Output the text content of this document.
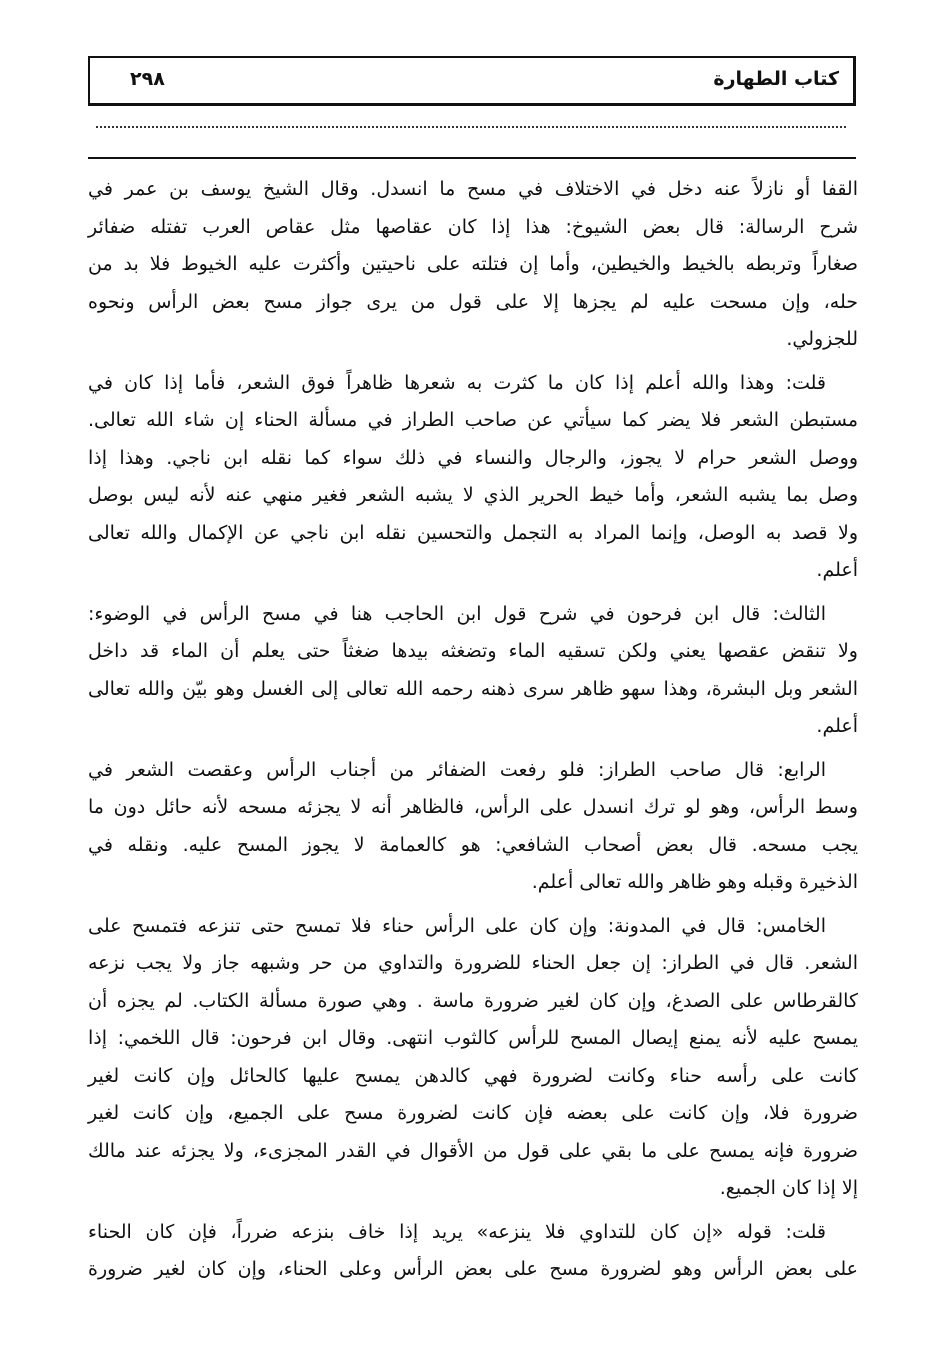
كتاب الطهارة
٢٩٨
القفا أو نازلاً عنه دخل في الاختلاف في مسح ما انسدل. وقال الشيخ يوسف بن عمر في
شرح الرسالة: قال بعض الشيوخ: هذا إذا كان عقاصها مثل عقاص العرب تفتله ضفائر
صغاراً وتربطه بالخيط والخيطين، وأما إن فتلته على ناحيتين وأكثرت عليه الخيوط فلا بد من
حله، وإن مسحت عليه لم يجزها إلا على قول من يرى جواز مسح بعض الرأس ونحوه
للجزولي.
قلت: وهذا والله أعلم إذا كان ما كثرت به شعرها ظاهراً فوق الشعر، فأما إذا كان في
مستبطن الشعر فلا يضر كما سيأتي عن صاحب الطراز في مسألة الحناء إن شاء الله تعالى.
ووصل الشعر حرام لا يجوز، والرجال والنساء في ذلك سواء كما نقله ابن ناجي. وهذا إذا
وصل بما يشبه الشعر، وأما خيط الحرير الذي لا يشبه الشعر فغير منهي عنه لأنه ليس بوصل
ولا قصد به الوصل، وإنما المراد به التجمل والتحسين نقله ابن ناجي عن الإكمال والله تعالى
أعلم.
الثالث: قال ابن فرحون في شرح قول ابن الحاجب هنا في مسح الرأس في الوضوء:
ولا تنقض عقصها يعني ولكن تسقيه الماء وتضغثه بيدها ضغثاً حتى يعلم أن الماء قد داخل
الشعر وبل البشرة، وهذا سهو ظاهر سرى ذهنه رحمه الله تعالى إلى الغسل وهو بيّن والله تعالى
أعلم.
الرابع: قال صاحب الطراز: فلو رفعت الضفائر من أجناب الرأس وعقصت الشعر في
وسط الرأس، وهو لو ترك انسدل على الرأس، فالظاهر أنه لا يجزئه مسحه لأنه حائل دون ما
يجب مسحه. قال بعض أصحاب الشافعي: هو كالعمامة لا يجوز المسح عليه. ونقله في
الذخيرة وقبله وهو ظاهر والله تعالى أعلم.
الخامس: قال في المدونة: وإن كان على الرأس حناء فلا تمسح حتى تنزعه فتمسح على
الشعر. قال في الطراز: إن جعل الحناء للضرورة والتداوي من حر وشبهه جاز ولا يجب نزعه
كالقرطاس على الصدغ، وإن كان لغير ضرورة ماسة . وهي صورة مسألة الكتاب. لم يجزه أن
يمسح عليه لأنه يمنع إيصال المسح للرأس كالثوب انتهى. وقال ابن فرحون: قال اللخمي: إذا
كانت على رأسه حناء وكانت لضرورة فهي كالدهن يمسح عليها كالحائل وإن كانت لغير
ضرورة فلا، وإن كانت على بعضه فإن كانت لضرورة مسح على الجميع، وإن كانت لغير
ضرورة فإنه يمسح على ما بقي على قول من الأقوال في القدر المجزىء، ولا يجزئه عند مالك
إلا إذا كان الجميع.
قلت: قوله «إن كان للتداوي فلا ينزعه» يريد إذا خاف بنزعه ضرراً، فإن كان الحناء
على بعض الرأس وهو لضرورة مسح على بعض الرأس وعلى الحناء، وإن كان لغير ضرورة
